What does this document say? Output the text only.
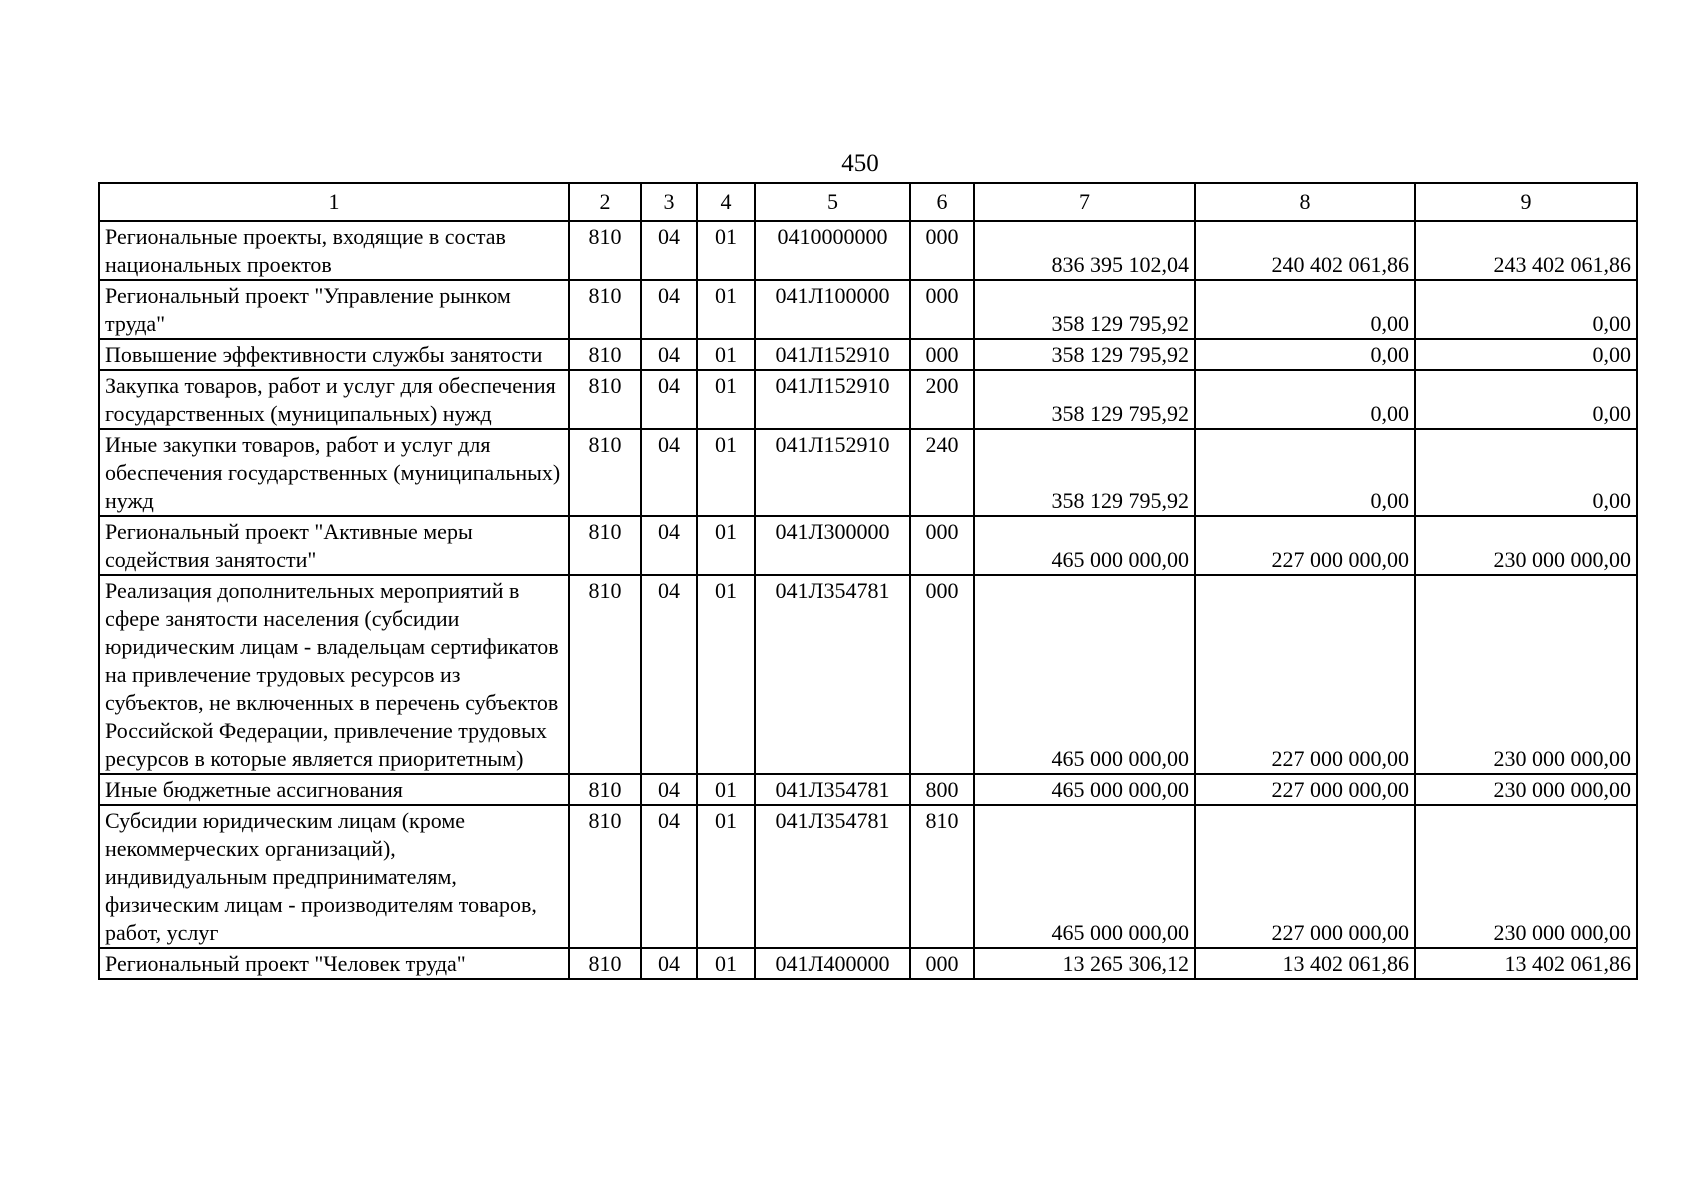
450
1	2	3	4	5	6	7	8	9
Региональные проекты, входящие в состав национальных проектов	810	04	01	0410000000	000	836 395 102,04	240 402 061,86	243 402 061,86
Региональный проект "Управление рынком труда"	810	04	01	041Л100000	000	358 129 795,92	0,00	0,00
Повышение эффективности службы занятости	810	04	01	041Л152910	000	358 129 795,92	0,00	0,00
Закупка товаров, работ и услуг для обеспечения государственных (муниципальных) нужд	810	04	01	041Л152910	200	358 129 795,92	0,00	0,00
Иные закупки товаров, работ и услуг для обеспечения государственных (муниципальных) нужд	810	04	01	041Л152910	240	358 129 795,92	0,00	0,00
Региональный проект "Активные меры содействия занятости"	810	04	01	041Л300000	000	465 000 000,00	227 000 000,00	230 000 000,00
Реализация дополнительных мероприятий в сфере занятости населения (субсидии юридическим лицам - владельцам сертификатов на привлечение трудовых ресурсов из субъектов, не включенных в перечень субъектов Российской Федерации, привлечение трудовых ресурсов в которые является приоритетным)	810	04	01	041Л354781	000	465 000 000,00	227 000 000,00	230 000 000,00
Иные бюджетные ассигнования	810	04	01	041Л354781	800	465 000 000,00	227 000 000,00	230 000 000,00
Субсидии юридическим лицам (кроме некоммерческих организаций), индивидуальным предпринимателям, физическим лицам - производителям товаров, работ, услуг	810	04	01	041Л354781	810	465 000 000,00	227 000 000,00	230 000 000,00
Региональный проект "Человек труда"	810	04	01	041Л400000	000	13 265 306,12	13 402 061,86	13 402 061,86
